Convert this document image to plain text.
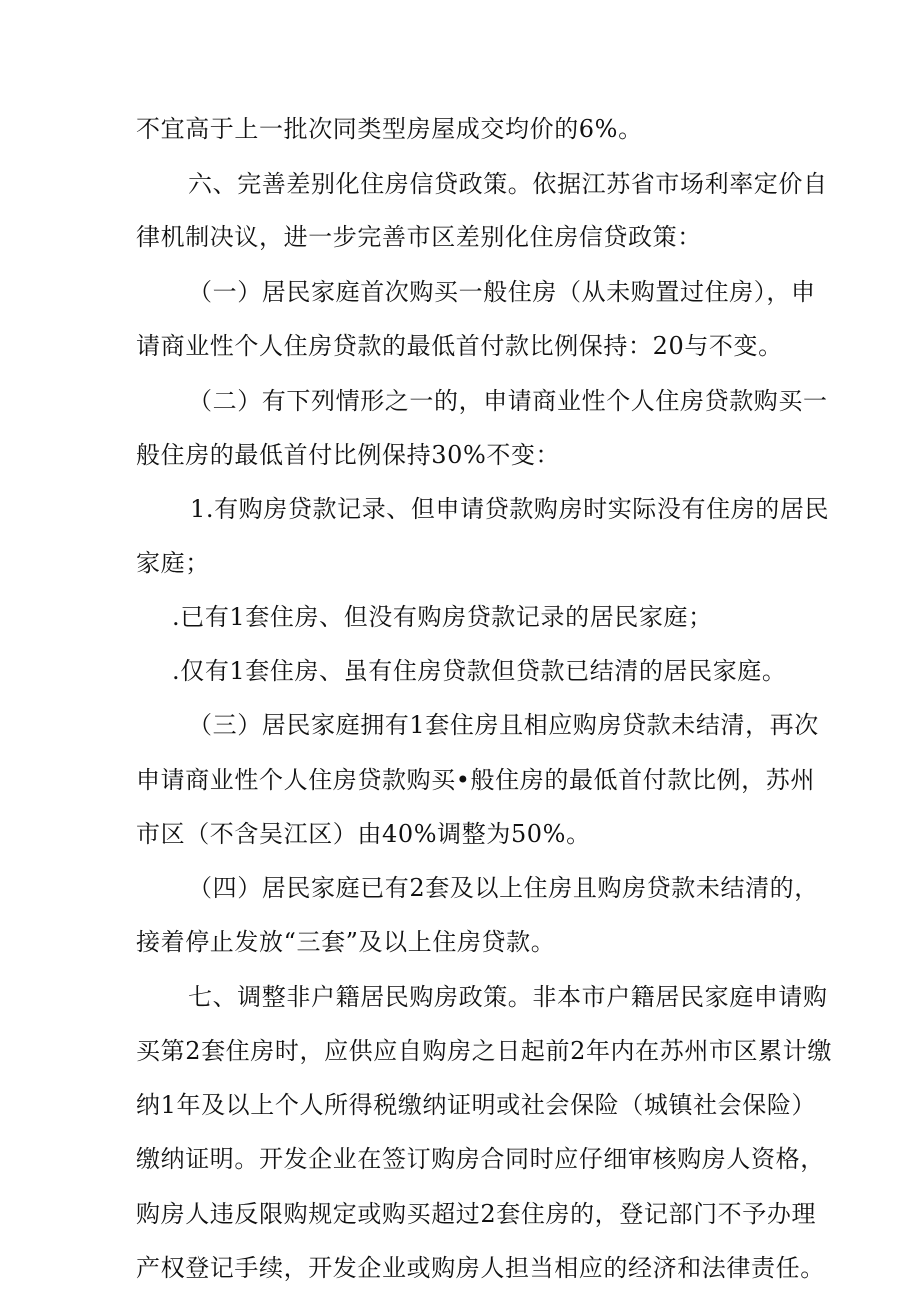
不宜高于上一批次同类型房屋成交均价的6%。
六、完善差别化住房信贷政策。依据江苏省市场利率定价自
律机制决议，进一步完善市区差别化住房信贷政策：
（一）居民家庭首次购买一般住房（从未购置过住房），申
请商业性个人住房贷款的最低首付款比例保持：20与不变。
（二）有下列情形之一的，申请商业性个人住房贷款购买一
般住房的最低首付比例保持30%不变：
1.有购房贷款记录、但申请贷款购房时实际没有住房的居民
家庭；
.已有1套住房、但没有购房贷款记录的居民家庭；
.仅有1套住房、虽有住房贷款但贷款已结清的居民家庭。
（三）居民家庭拥有1套住房且相应购房贷款未结清，再次
申请商业性个人住房贷款购买•般住房的最低首付款比例，苏州
市区（不含吴江区）由40%调整为50%。
（四）居民家庭已有2套及以上住房且购房贷款未结清的，
接着停止发放“三套”及以上住房贷款。
七、调整非户籍居民购房政策。非本市户籍居民家庭申请购
买第2套住房时，应供应自购房之日起前2年内在苏州市区累计缴
纳1年及以上个人所得税缴纳证明或社会保险（城镇社会保险）
缴纳证明。开发企业在签订购房合同时应仔细审核购房人资格，
购房人违反限购规定或购买超过2套住房的，登记部门不予办理
产权登记手续，开发企业或购房人担当相应的经济和法律责任。
